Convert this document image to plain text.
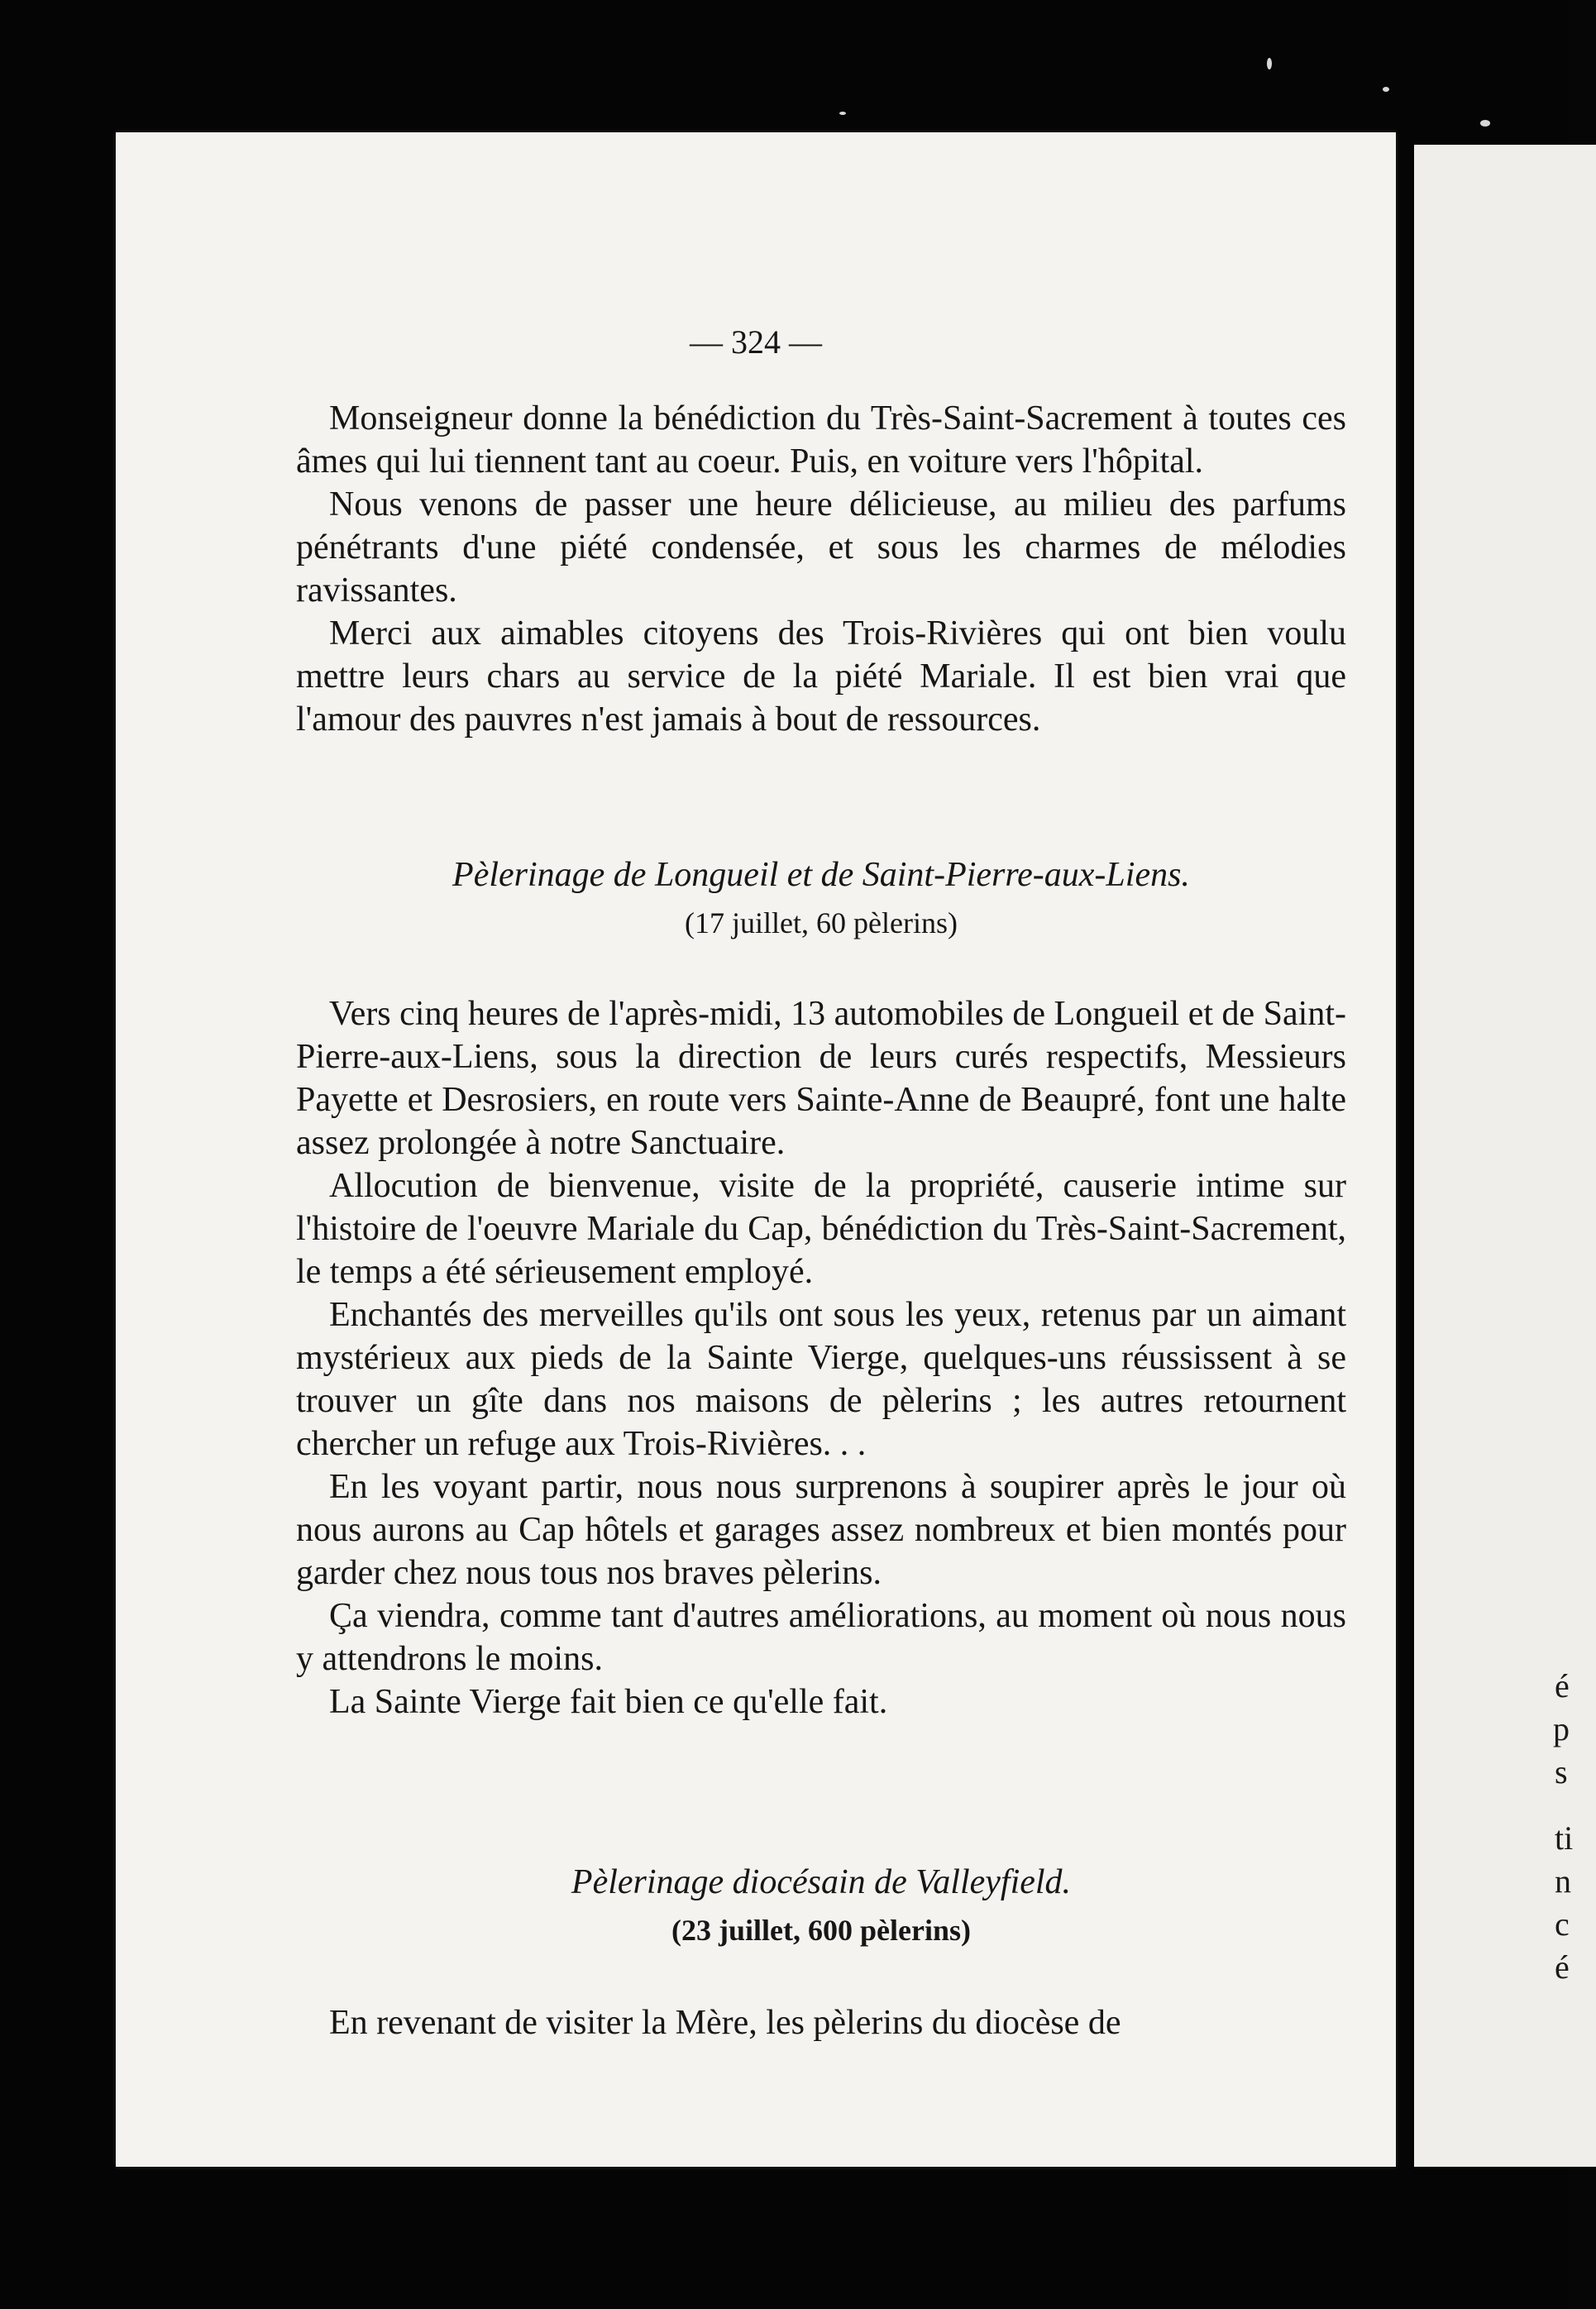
é
p
s
ti
n
c
é
— 324 —

Monseigneur donne la bénédiction du Très-Saint-Sacrement à toutes ces âmes qui lui tiennent tant au coeur. Puis, en voiture vers l'hôpital.

Nous venons de passer une heure délicieuse, au milieu des parfums pénétrants d'une piété condensée, et sous les charmes de mélodies ravissantes.

Merci aux aimables citoyens des Trois-Rivières qui ont bien voulu mettre leurs chars au service de la piété Mariale. Il est bien vrai que l'amour des pauvres n'est jamais à bout de ressources.

Pèlerinage de Longueil et de Saint-Pierre-aux-Liens.

(17 juillet, 60 pèlerins)

Vers cinq heures de l'après-midi, 13 automobiles de Longueil et de Saint-Pierre-aux-Liens, sous la direction de leurs curés respectifs, Messieurs Payette et Desrosiers, en route vers Sainte-Anne de Beaupré, font une halte assez prolongée à notre Sanctuaire.

Allocution de bienvenue, visite de la propriété, causerie intime sur l'histoire de l'oeuvre Mariale du Cap, bénédiction du Très-Saint-Sacrement, le temps a été sérieusement employé.

Enchantés des merveilles qu'ils ont sous les yeux, retenus par un aimant mystérieux aux pieds de la Sainte Vierge, quelques-uns réussissent à se trouver un gîte dans nos maisons de pèlerins ; les autres retournent chercher un refuge aux Trois-Rivières. . .

En les voyant partir, nous nous surprenons à soupirer après le jour où nous aurons au Cap hôtels et garages assez nombreux et bien montés pour garder chez nous tous nos braves pèlerins.

Ça viendra, comme tant d'autres améliorations, au moment où nous nous y attendrons le moins.

La Sainte Vierge fait bien ce qu'elle fait.

Pèlerinage diocésain de Valleyfield.

(23 juillet, 600 pèlerins)

En revenant de visiter la Mère, les pèlerins du diocèse de
